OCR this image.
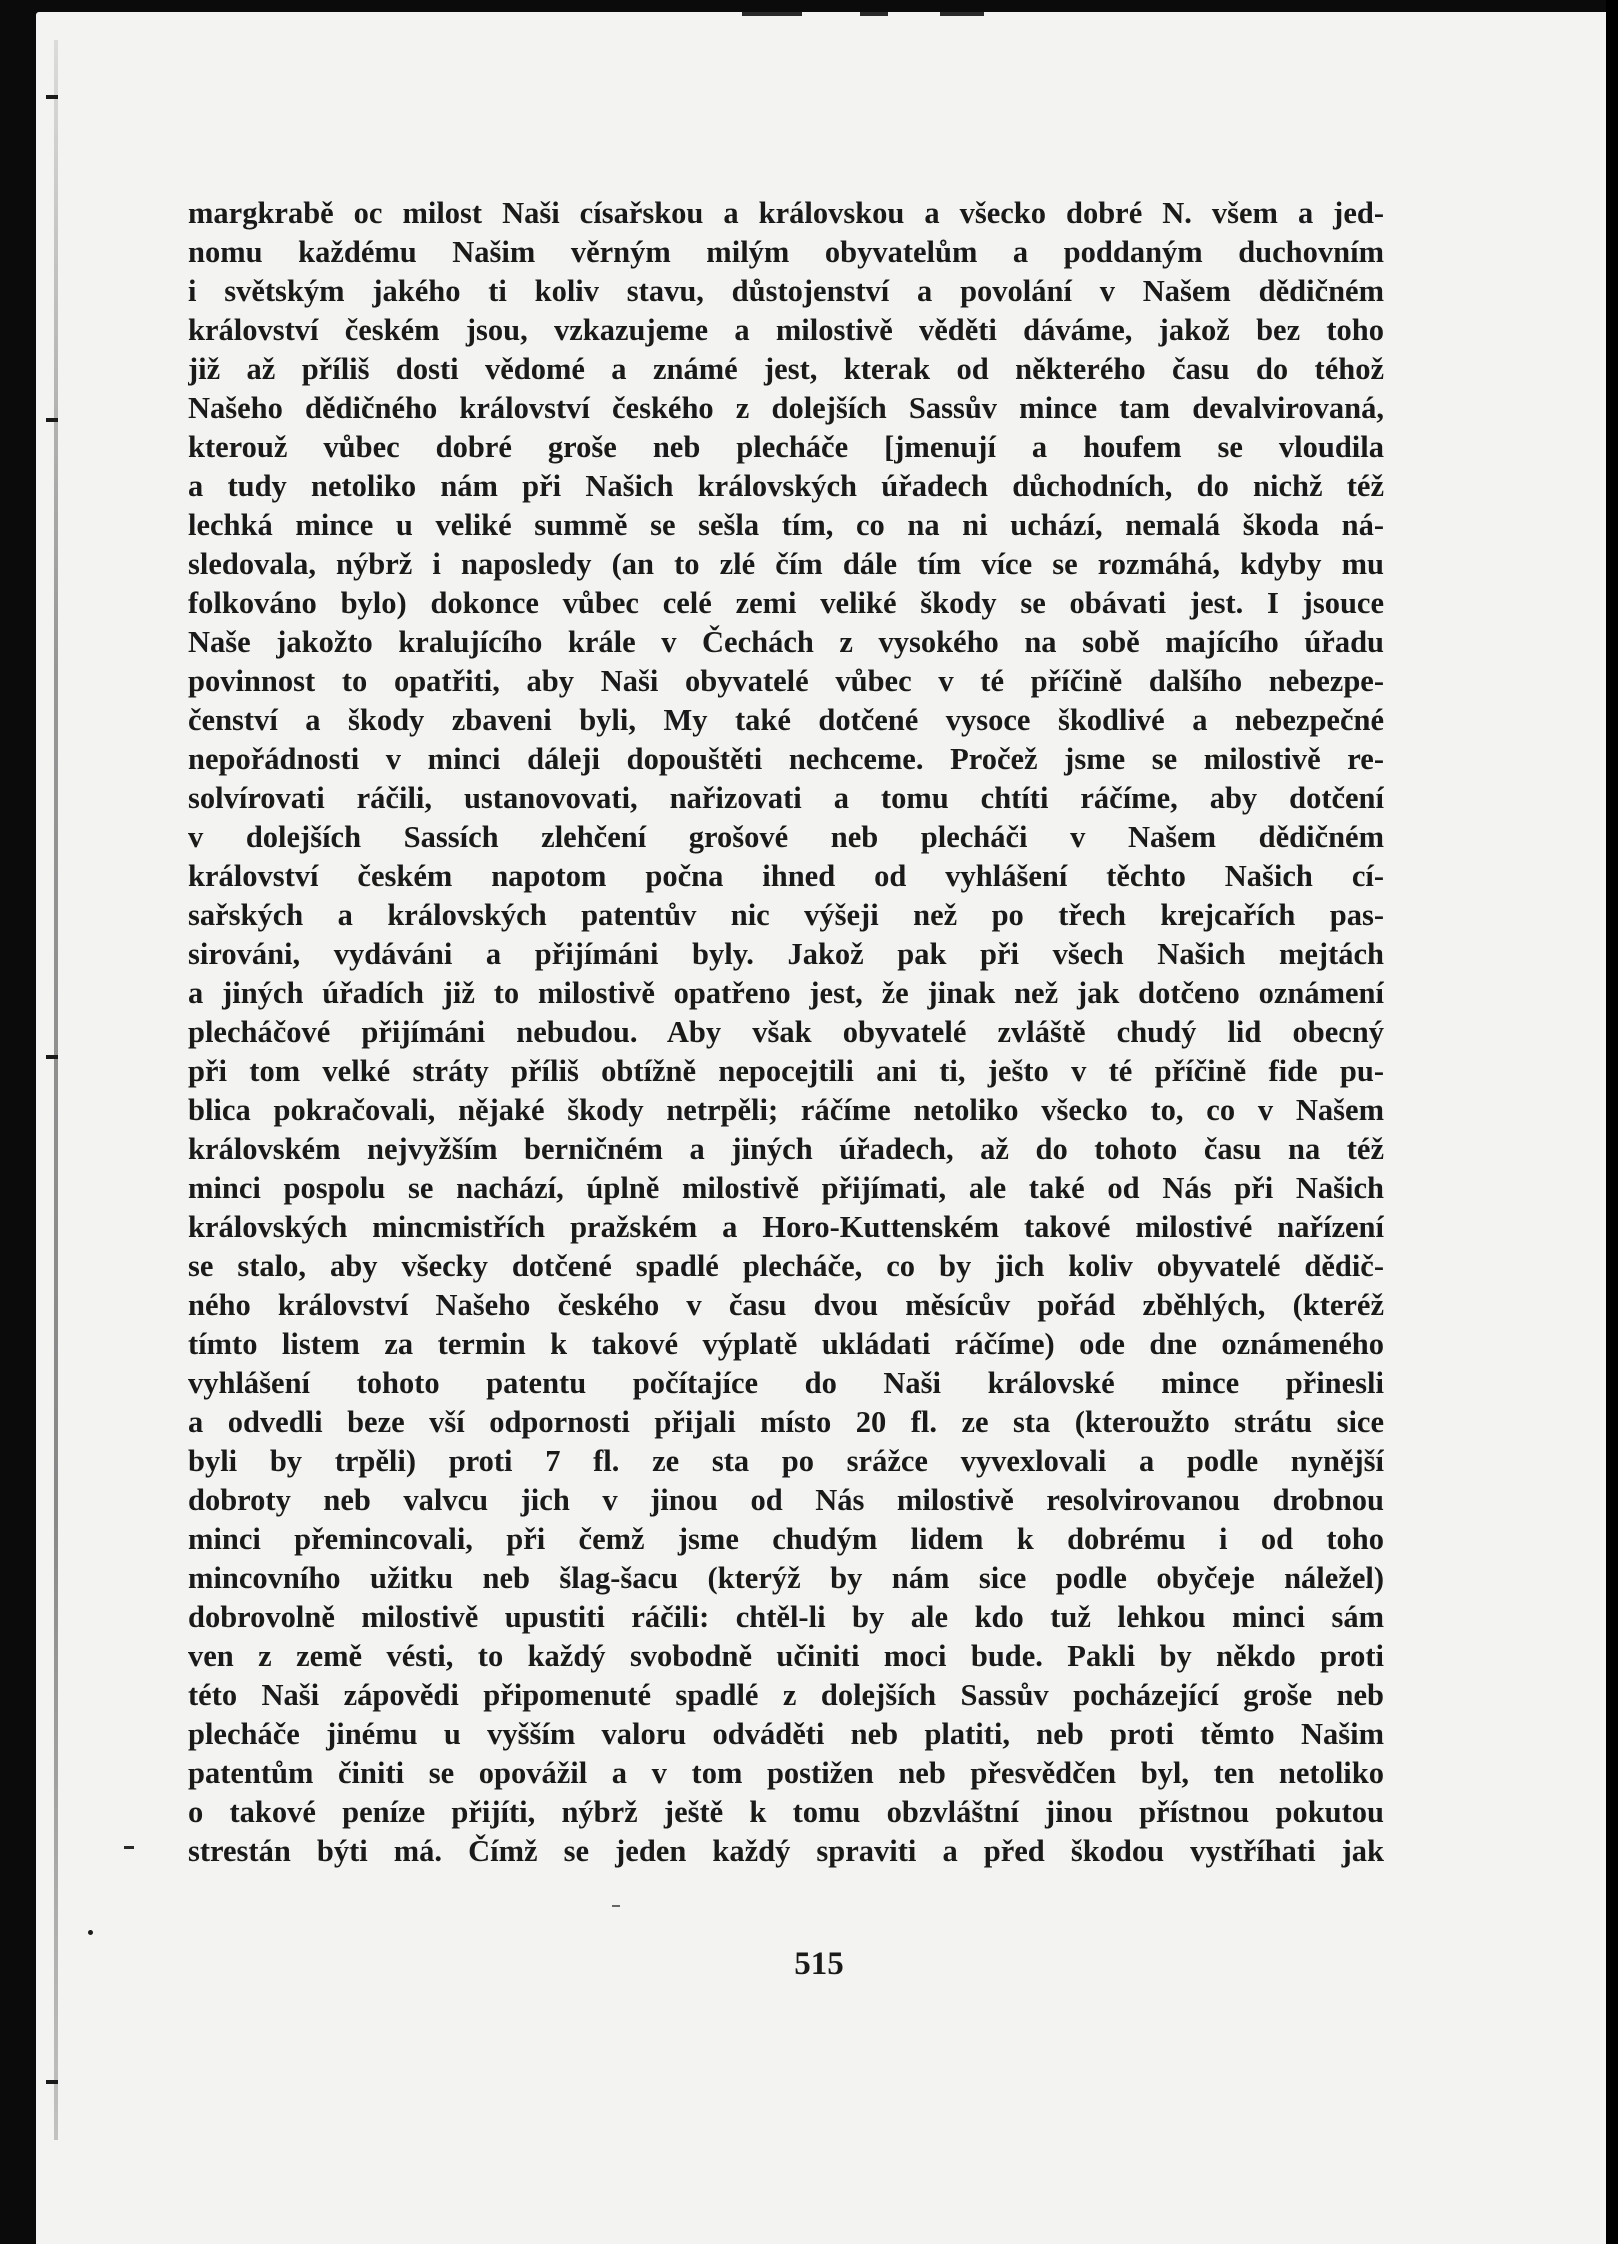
margkrabě oc milost Naši císařskou a královskou a všecko dobré N. všem a jed-
nomu každému Našim věrným milým obyvatelům a poddaným duchovním
i světským jakého ti koliv stavu, důstojenství a povolání v Našem dědičném
království českém jsou, vzkazujeme a milostivě věděti dáváme, jakož bez toho
již až příliš dosti vědomé a známé jest, kterak od některého času do téhož
Našeho dědičného království českého z dolejších Sassův mince tam devalvirovaná,
kterouž vůbec dobré groše neb plecháče [jmenují a houfem se vloudila
a tudy netoliko nám při Našich královských úřadech důchodních, do nichž též
lechká mince u veliké summě se sešla tím, co na ni uchází, nemalá škoda ná-
sledovala, nýbrž i naposledy (an to zlé čím dále tím více se rozmáhá, kdyby mu
folkováno bylo) dokonce vůbec celé zemi veliké škody se obávati jest. I jsouce
Naše jakožto kralujícího krále v Čechách z vysokého na sobě majícího úřadu
povinnost to opatřiti, aby Naši obyvatelé vůbec v té příčině dalšího nebezpe-
čenství a škody zbaveni byli, My také dotčené vysoce škodlivé a nebezpečné
nepořádnosti v minci dáleji dopouštěti nechceme. Pročež jsme se milostivě re-
solvírovati ráčili, ustanovovati, nařizovati a tomu chtíti ráčíme, aby dotčení
v dolejších Sassích zlehčení grošové neb plecháči v Našem dědičném
království českém napotom počna ihned od vyhlášení těchto Našich cí-
sařských a královských patentův nic výšeji než po třech krejcařích pas-
sirováni, vydáváni a přijímáni byly. Jakož pak při všech Našich mejtách
a jiných úřadích již to milostivě opatřeno jest, že jinak než jak dotčeno oznámení
plecháčové přijímáni nebudou. Aby však obyvatelé zvláště chudý lid obecný
při tom velké stráty příliš obtížně nepocejtili ani ti, ješto v té příčině fide pu-
blica pokračovali, nějaké škody netrpěli; ráčíme netoliko všecko to, co v Našem
královském nejvyžším berničném a jiných úřadech, až do tohoto času na též
minci pospolu se nachází, úplně milostivě přijímati, ale také od Nás při Našich
královských mincmistřích pražském a Horo-Kuttenském takové milostivé nařízení
se stalo, aby všecky dotčené spadlé plecháče, co by jich koliv obyvatelé dědič-
ného království Našeho českého v času dvou měsícův pořád zběhlých, (kteréž
tímto listem za termin k takové výplatě ukládati ráčíme) ode dne oznámeného
vyhlášení tohoto patentu počítajíce do Naši královské mince přinesli
a odvedli beze vší odpornosti přijali místo 20 fl. ze sta (kteroužto strátu sice
byli by trpěli) proti 7 fl. ze sta po srážce vyvexlovali a podle nynější
dobroty neb valvcu jich v jinou od Nás milostivě resolvirovanou drobnou
minci přemincovali, při čemž jsme chudým lidem k dobrému i od toho
mincovního užitku neb šlag-šacu (kterýž by nám sice podle obyčeje náležel)
dobrovolně milostivě upustiti ráčili: chtěl-li by ale kdo tuž lehkou minci sám
ven z země vésti, to každý svobodně učiniti moci bude. Pakli by někdo proti
této Naši zápovědi připomenuté spadlé z dolejších Sassův pocházející groše neb
plecháče jinému u vyšším valoru odváděti neb platiti, neb proti těmto Našim
patentům činiti se opovážil a v tom postižen neb přesvědčen byl, ten netoliko
o takové peníze přijíti, nýbrž ještě k tomu obzvláštní jinou přístnou pokutou
strestán býti má. Čímž se jeden každý spraviti a před škodou vystříhati jak
515
